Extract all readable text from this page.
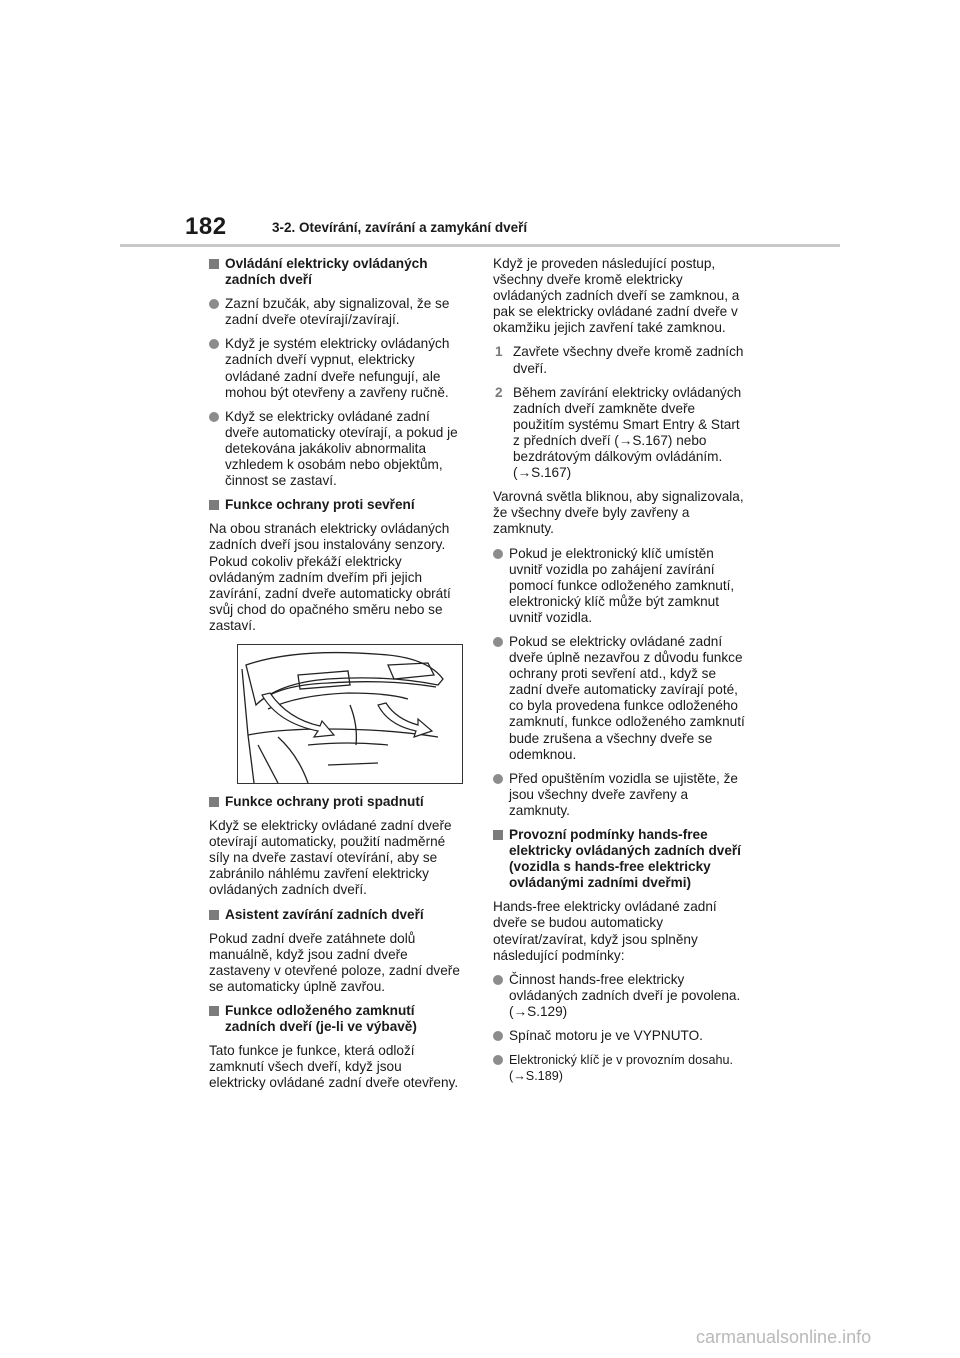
182	3-2. Otevírání, zavírání a zamykání dveří
Ovládání elektricky ovládaných zadních dveří
Zazní bzučák, aby signalizoval, že se zadní dveře otevírají/zavírají.
Když je systém elektricky ovládaných zadních dveří vypnut, elektricky ovládané zadní dveře nefungují, ale mohou být otevřeny a zavřeny ručně.
Když se elektricky ovládané zadní dveře automaticky otevírají, a pokud je detekována jakákoliv abnormalita vzhledem k osobám nebo objektům, činnost se zastaví.
Funkce ochrany proti sevření
Na obou stranách elektricky ovládaných zadních dveří jsou instalovány senzory. Pokud cokoliv překáží elektricky ovládaným zadním dveřím při jejich zavírání, zadní dveře automaticky obrátí svůj chod do opačného směru nebo se zastaví.
Funkce ochrany proti spadnutí
Když se elektricky ovládané zadní dveře otevírají automaticky, použití nadměrné síly na dveře zastaví otevírání, aby se zabránilo náhlému zavření elektricky ovládaných zadních dveří.
Asistent zavírání zadních dveří
Pokud zadní dveře zatáhnete dolů manuálně, když jsou zadní dveře zastaveny v otevřené poloze, zadní dveře se automaticky úplně zavřou.
Funkce odloženého zamknutí zadních dveří (je-li ve výbavě)
Tato funkce je funkce, která odloží zamknutí všech dveří, když jsou elektricky ovládané zadní dveře otevřeny.
Když je proveden následující postup, všechny dveře kromě elektricky ovládaných zadních dveří se zamknou, a pak se elektricky ovládané zadní dveře v okamžiku jejich zavření také zamknou.
1 Zavřete všechny dveře kromě zadních dveří.
2 Během zavírání elektricky ovládaných zadních dveří zamkněte dveře použitím systému Smart Entry & Start z předních dveří (→S.167) nebo bezdrátovým dálkovým ovládáním. (→S.167)
Varovná světla bliknou, aby signalizovala, že všechny dveře byly zavřeny a zamknuty.
Pokud je elektronický klíč umístěn uvnitř vozidla po zahájení zavírání pomocí funkce odloženého zamknutí, elektronický klíč může být zamknut uvnitř vozidla.
Pokud se elektricky ovládané zadní dveře úplně nezavřou z důvodu funkce ochrany proti sevření atd., když se zadní dveře automaticky zavírají poté, co byla provedena funkce odloženého zamknutí, funkce odloženého zamknutí bude zrušena a všechny dveře se odemknou.
Před opuštěním vozidla se ujistěte, že jsou všechny dveře zavřeny a zamknuty.
Provozní podmínky hands-free elektricky ovládaných zadních dveří (vozidla s hands-free elektricky ovládanými zadními dveřmi)
Hands-free elektricky ovládané zadní dveře se budou automaticky otevírat/zavírat, když jsou splněny následující podmínky:
Činnost hands-free elektricky ovládaných zadních dveří je povolena. (→S.129)
Spínač motoru je ve VYPNUTO.
Elektronický klíč je v provozním dosahu. (→S.189)
carmanualsonline.info
